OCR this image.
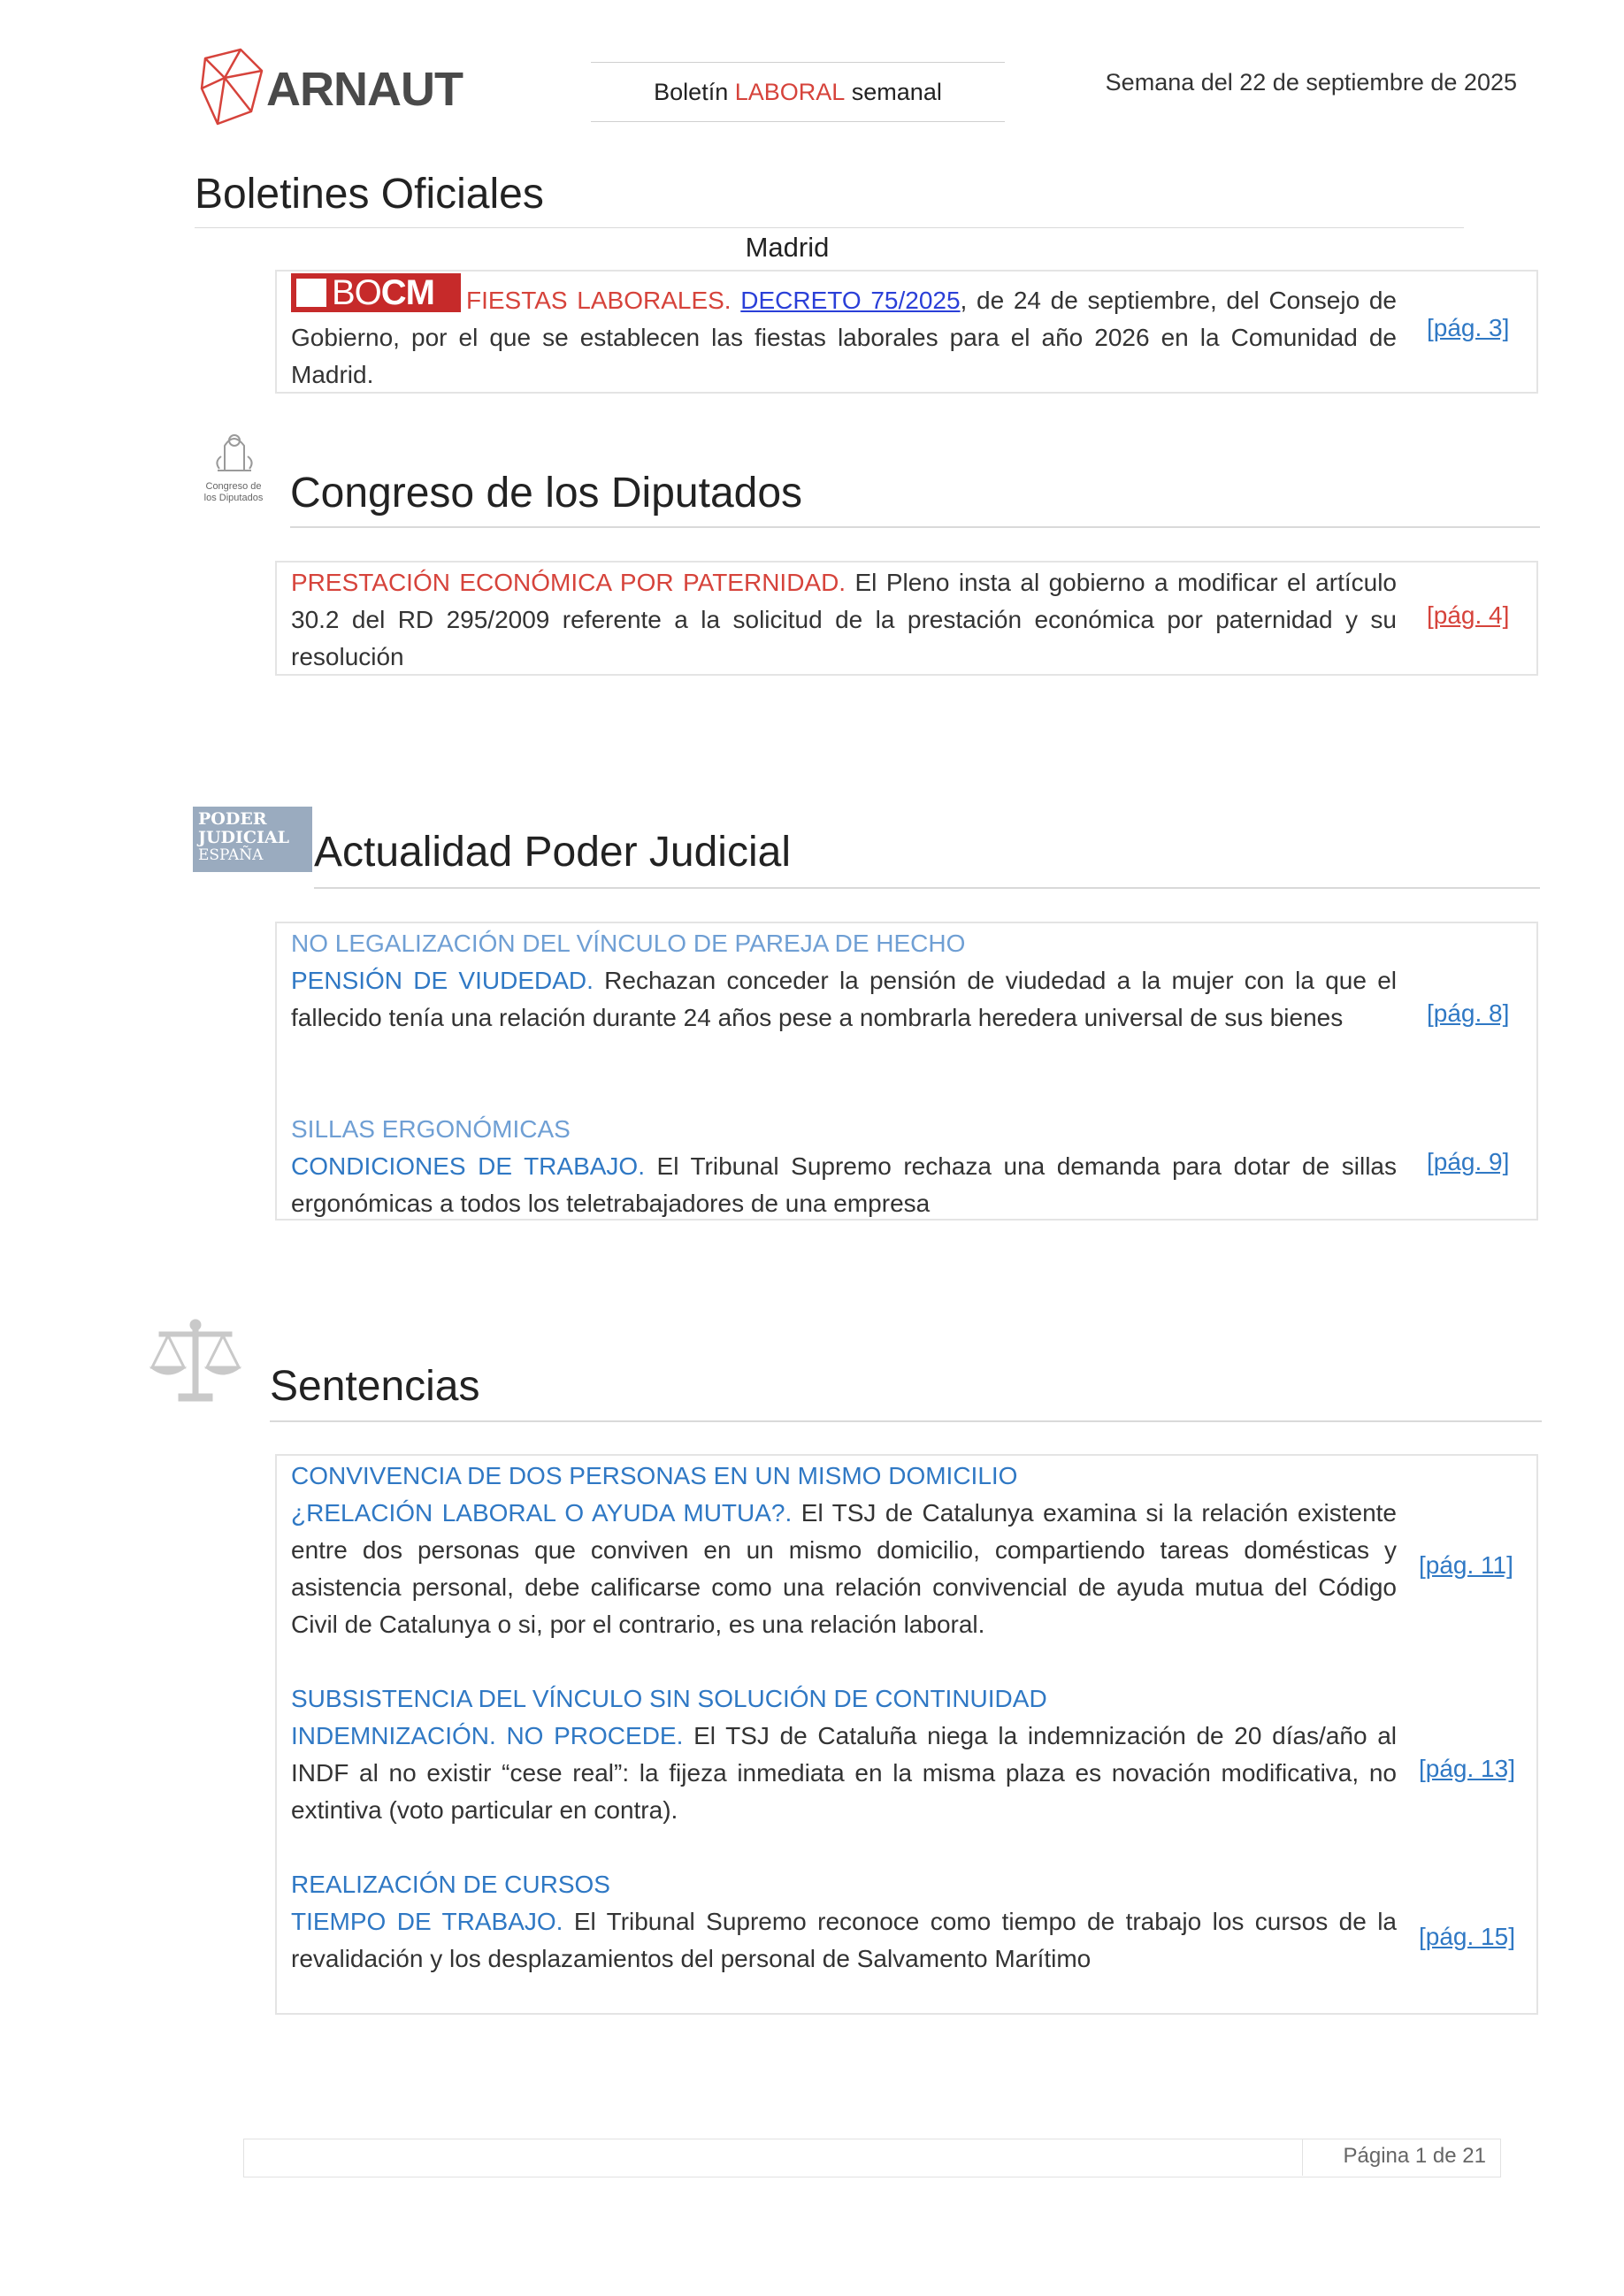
ARNAUT	Boletín LABORAL semanal	Semana del 22 de septiembre de 2025
Boletines Oficiales
Madrid
BOCM FIESTAS LABORALES. DECRETO 75/2025, de 24 de septiembre, del Consejo de Gobierno, por el que se establecen las fiestas laborales para el año 2026 en la Comunidad de Madrid.
[pág. 3]
Congreso de los Diputados Congreso de los Diputados
PRESTACIÓN ECONÓMICA POR PATERNIDAD. El Pleno insta al gobierno a modificar el artículo 30.2 del RD 295/2009 referente a la solicitud de la prestación económica por paternidad y su resolución
[pág. 4]
PODER
JUDICIAL
ESPAÑA	Actualidad Poder Judicial
NO LEGALIZACIÓN DEL VÍNCULO DE PAREJA DE HECHO
PENSIÓN DE VIUDEDAD. Rechazan conceder la pensión de viudedad a la mujer con la que el fallecido tenía una relación durante 24 años pese a nombrarla heredera universal de sus bienes	[pág. 8]
SILLAS ERGONÓMICAS
CONDICIONES DE TRABAJO. El Tribunal Supremo rechaza una demanda para dotar de sillas ergonómicas a todos los teletrabajadores de una empresa
[pág. 9]
Sentencias
CONVIVENCIA DE DOS PERSONAS EN UN MISMO DOMICILIO
¿RELACIÓN LABORAL O AYUDA MUTUA?. El TSJ de Catalunya examina si la relación existente entre dos personas que conviven en un mismo domicilio, compartiendo tareas domésticas y asistencia personal, debe calificarse como una relación convivencial de ayuda mutua del Código Civil de Catalunya o si, por el contrario, es una relación laboral.
[pág. 11]
SUBSISTENCIA DEL VÍNCULO SIN SOLUCIÓN DE CONTINUIDAD
INDEMNIZACIÓN. NO PROCEDE. El TSJ de Cataluña niega la indemnización de 20 días/año al INDF al no existir “cese real”: la fijeza inmediata en la misma plaza es novación modificativa, no extintiva (voto particular en contra).
[pág. 13]
REALIZACIÓN DE CURSOS
TIEMPO DE TRABAJO. El Tribunal Supremo reconoce como tiempo de trabajo los cursos de la revalidación y los desplazamientos del personal de Salvamento Marítimo
[pág. 15]
Página 1 de 21
